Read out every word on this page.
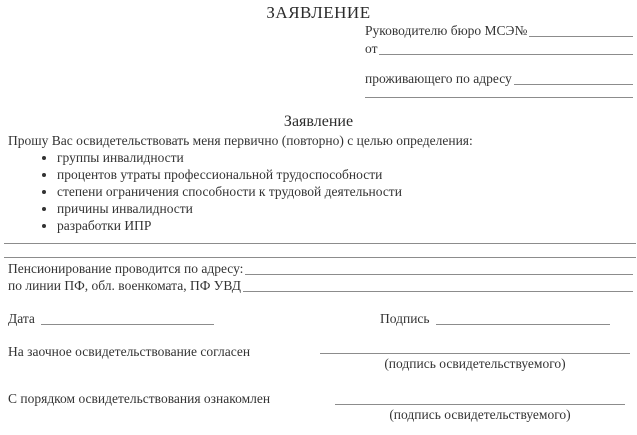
ЗАЯВЛЕНИЕ
Руководителю бюро МСЭ№
от
проживающего по адресу
Заявление

Прошу Вас освидетельствовать меня первично (повторно) с целью определения:

• группы инвалидности
• процентов утраты профессиональной трудоспособности
• степени ограничения способности к трудовой деятельности
• причины инвалидности
• разработки ИПР
Пенсионирование проводится по адресу:
по линии ПФ, обл. военкомата, ПФ УВД
Дата	Подпись
На заочное освидетельствование согласен
(подпись освидетельствуемого)
С порядком освидетельствования ознакомлен
(подпись освидетельствуемого)
